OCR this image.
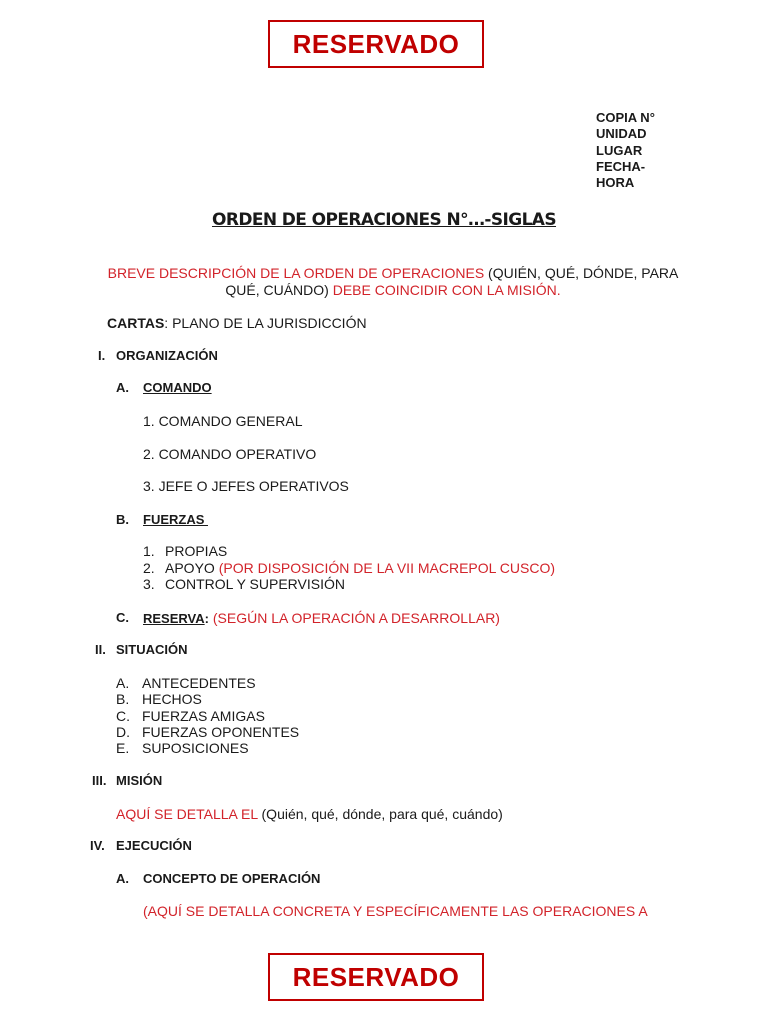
RESERVADO
COPIA N°
UNIDAD
LUGAR
FECHA-
HORA
ORDEN DE OPERACIONES N°…-SIGLAS
BREVE DESCRIPCIÓN DE LA ORDEN DE OPERACIONES (QUIÉN, QUÉ, DÓNDE, PARA QUÉ, CUÁNDO) DEBE COINCIDIR CON LA MISIÓN.
CARTAS: PLANO DE LA JURISDICCIÓN
I. ORGANIZACIÓN
A. COMANDO
1. COMANDO GENERAL
2. COMANDO OPERATIVO
3. JEFE O JEFES OPERATIVOS
B. FUERZAS
1. PROPIAS
2. APOYO (POR DISPOSICIÓN DE LA VII MACREPOL CUSCO)
3. CONTROL Y SUPERVISIÓN
C. RESERVA: (SEGÚN LA OPERACIÓN A DESARROLLAR)
II. SITUACIÓN
A. ANTECEDENTES
B. HECHOS
C. FUERZAS AMIGAS
D. FUERZAS OPONENTES
E. SUPOSICIONES
III. MISIÓN
AQUÍ SE DETALLA EL (Quién, qué, dónde, para qué, cuándo)
IV. EJECUCIÓN
A. CONCEPTO DE OPERACIÓN
(AQUÍ SE DETALLA CONCRETA Y ESPECÍFICAMENTE LAS OPERACIONES A
RESERVADO
